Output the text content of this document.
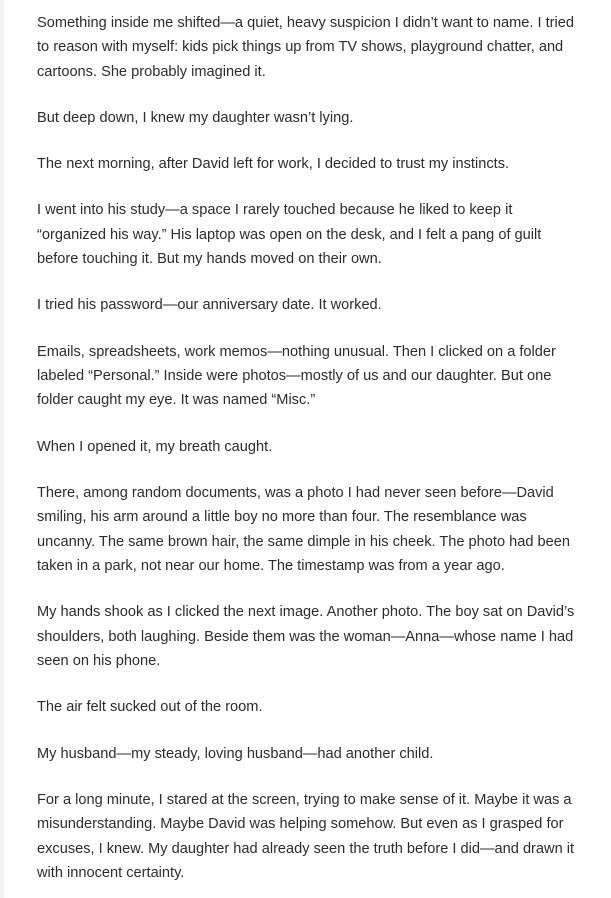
Something inside me shifted—a quiet, heavy suspicion I didn’t want to name. I tried to reason with myself: kids pick things up from TV shows, playground chatter, and cartoons. She probably imagined it.

But deep down, I knew my daughter wasn’t lying.

The next morning, after David left for work, I decided to trust my instincts.

I went into his study—a space I rarely touched because he liked to keep it “organized his way.” His laptop was open on the desk, and I felt a pang of guilt before touching it. But my hands moved on their own.

I tried his password—our anniversary date. It worked.

Emails, spreadsheets, work memos—nothing unusual. Then I clicked on a folder labeled “Personal.” Inside were photos—mostly of us and our daughter. But one folder caught my eye. It was named “Misc.”

When I opened it, my breath caught.

There, among random documents, was a photo I had never seen before—David smiling, his arm around a little boy no more than four. The resemblance was uncanny. The same brown hair, the same dimple in his cheek. The photo had been taken in a park, not near our home. The timestamp was from a year ago.

My hands shook as I clicked the next image. Another photo. The boy sat on David’s shoulders, both laughing. Beside them was the woman—Anna—whose name I had seen on his phone.

The air felt sucked out of the room.

My husband—my steady, loving husband—had another child.

For a long minute, I stared at the screen, trying to make sense of it. Maybe it was a misunderstanding. Maybe David was helping somehow. But even as I grasped for excuses, I knew. My daughter had already seen the truth before I did—and drawn it with innocent certainty.
